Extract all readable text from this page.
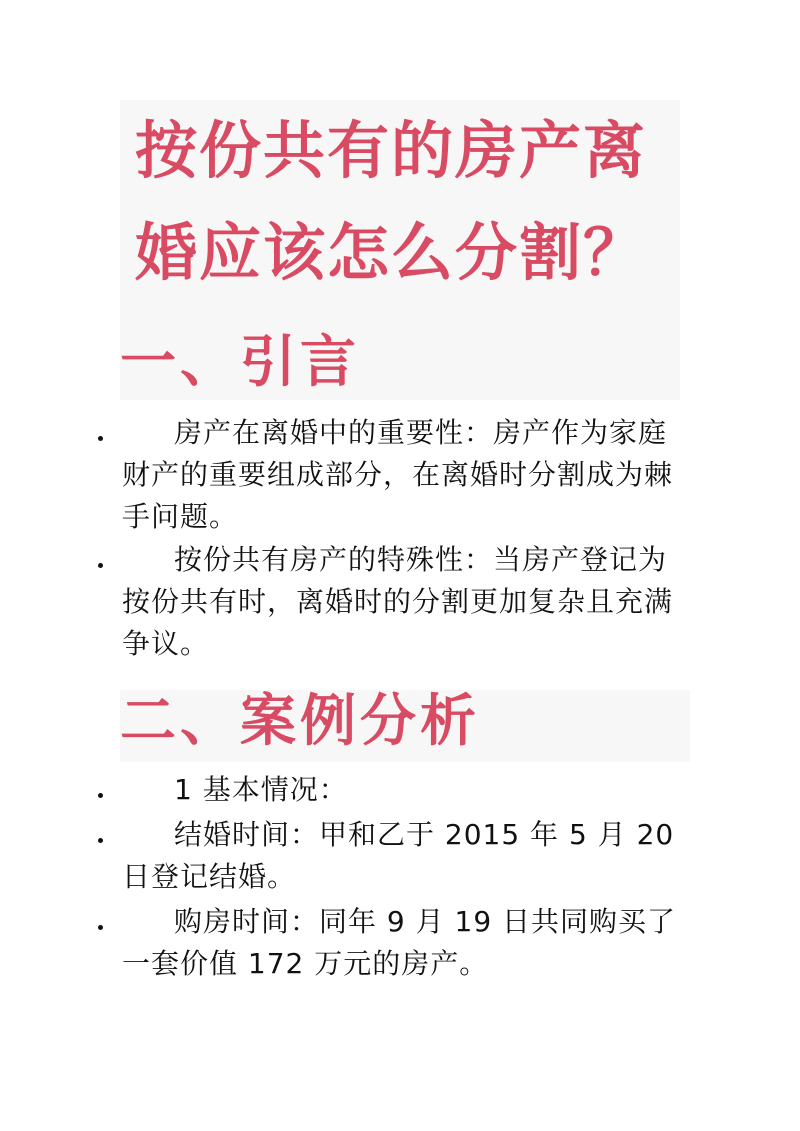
按份共有的房产离
婚应该怎么分割？
一、引言
房产在离婚中的重要性：房产作为家庭财产的重要组成部分，在离婚时分割成为棘手问题。
按份共有房产的特殊性：当房产登记为按份共有时，离婚时的分割更加复杂且充满争议。
二、案例分析
1 基本情况：
结婚时间：甲和乙于 2015 年 5 月 20 日登记结婚。
购房时间：同年 9 月 19 日共同购买了一套价值 172 万元的房产。
